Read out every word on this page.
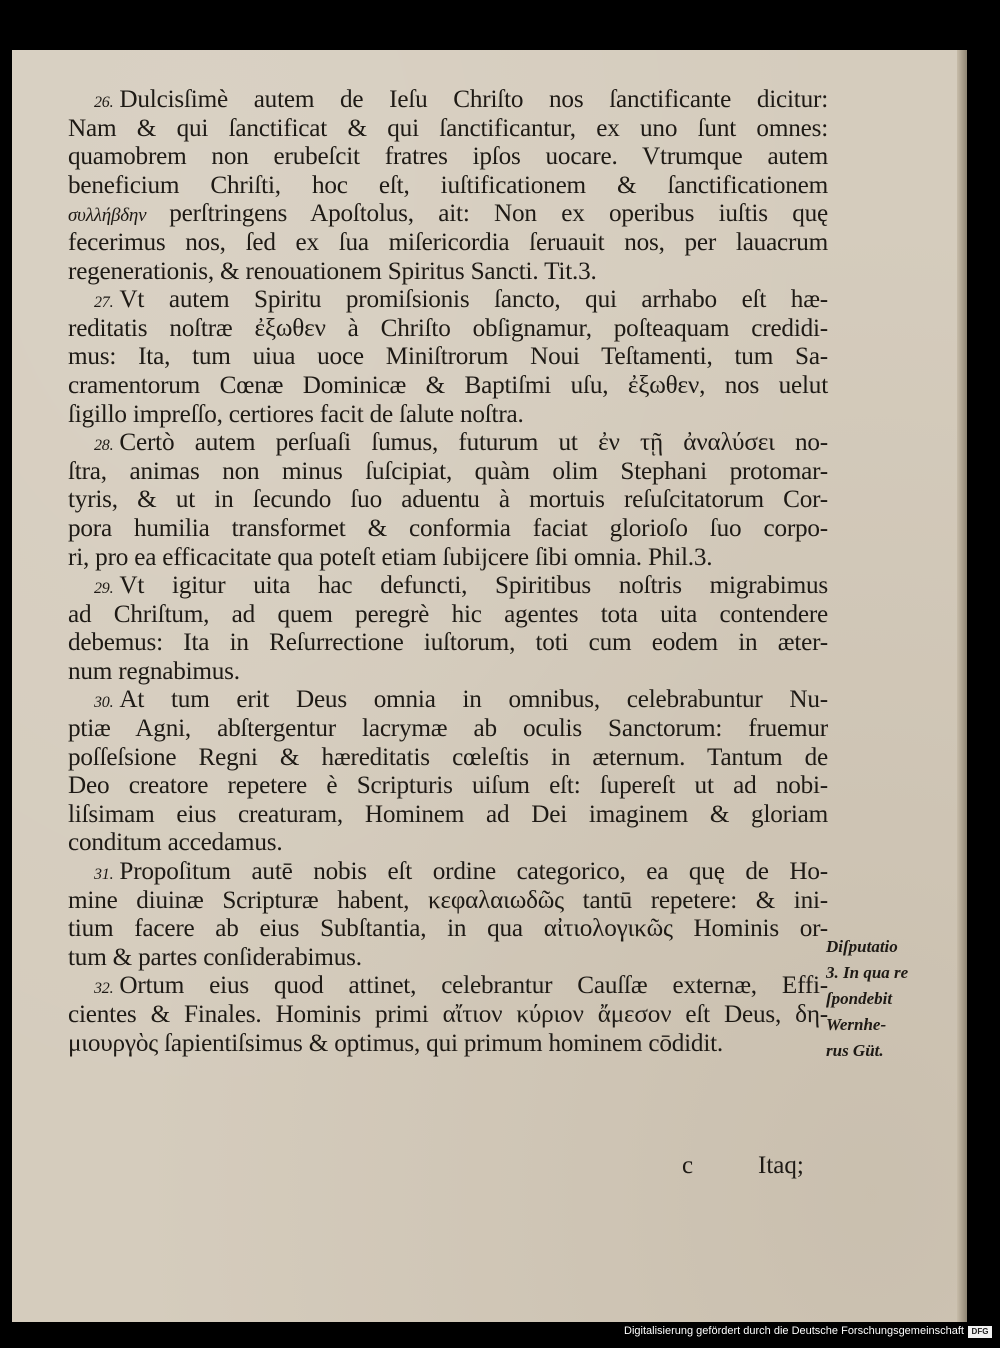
26. Dulcisſimè autem de Ieſu Chriſto nos ſanctificante dicitur:
Nam & qui ſanctificat & qui ſanctificantur, ex uno ſunt omnes:
quamobrem non erubeſcit fratres ipſos uocare. Vtrumque autem
beneficium Chriſti, hoc eſt, iuſtificationem & ſanctificationem
συλλήβδην perſtringens Apoſtolus, ait: Non ex operibus iuſtis quę
fecerimus nos, ſed ex ſua miſericordia ſeruauit nos, per lauacrum
regenerationis, & renouationem Spiritus Sancti. Tit.3.
27. Vt autem Spiritu promiſsionis ſancto, qui arrhabo eſt hæ-
reditatis noſtræ ἐξωθεν à Chriſto obſignamur, poſteaquam credidi-
mus: Ita, tum uiua uoce Miniſtrorum Noui Teſtamenti, tum Sa-
cramentorum Cœnæ Dominicæ & Baptiſmi uſu, ἐξωθεν, nos uelut
ſigillo impreſſo, certiores facit de ſalute noſtra.
28. Certò autem perſuaſi ſumus, futurum ut ἐν τῇ ἀναλύσει no-
ſtra, animas non minus ſuſcipiat, quàm olim Stephani protomar-
tyris, & ut in ſecundo ſuo aduentu à mortuis reſuſcitatorum Cor-
pora humilia transformet & conformia faciat glorioſo ſuo corpo-
ri, pro ea efficacitate qua poteſt etiam ſubijcere ſibi omnia. Phil.3.
29. Vt igitur uita hac defuncti, Spiritibus noſtris migrabimus
ad Chriſtum, ad quem peregrè hic agentes tota uita contendere
debemus: Ita in Reſurrectione iuſtorum, toti cum eodem in æter-
num regnabimus.
30. At tum erit Deus omnia in omnibus, celebrabuntur Nu-
ptiæ Agni, abſtergentur lacrymæ ab oculis Sanctorum: fruemur
poſſeſsione Regni & hæreditatis cœleſtis in æternum. Tantum de
Deo creatore repetere è Scripturis uiſum eſt: ſupereſt ut ad nobi-
liſsimam eius creaturam, Hominem ad Dei imaginem & gloriam
conditum accedamus.
31. Propoſitum autē nobis eſt ordine categorico, ea quę de Ho-
mine diuinæ Scripturæ habent, κεφαλαιωδῶς tantū repetere: & ini-
tium facere ab eius Subſtantia, in qua αἰτιολογικῶς Hominis or-
tum & partes conſiderabimus.
32. Ortum eius quod attinet, celebrantur Cauſſæ externæ, Effi-
cientes & Finales. Hominis primi αἴτιον κύριον ἄμεσον eſt Deus, δη-
μιουργὸς ſapientiſsimus & optimus, qui primum hominem cōdidit.
Diſputatio
3. In qua re
ſpondebit
Wernhe-
rus Güt.
c	Itaq;
Digitalisierung gefördert durch die Deutsche Forschungsgemeinschaft DFG
